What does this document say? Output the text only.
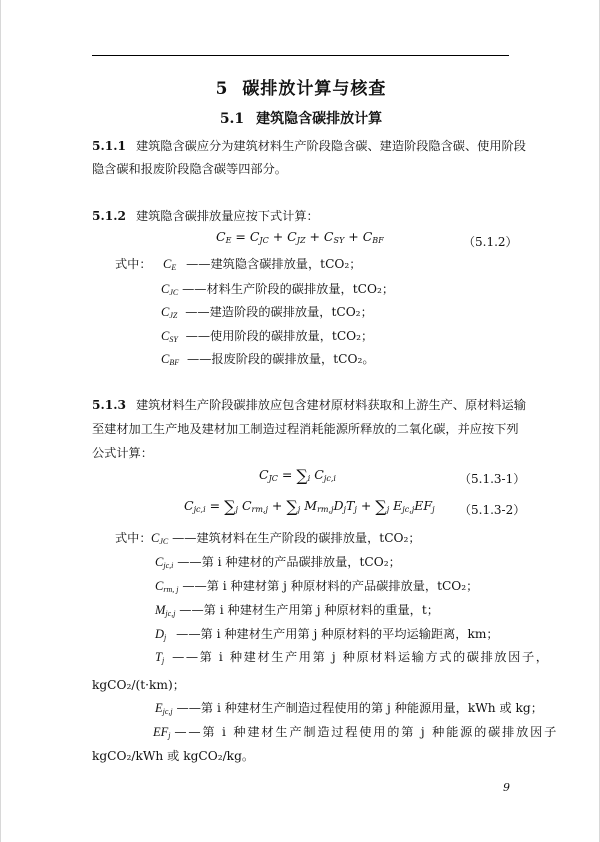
5 碳排放计算与核查
5.1 建筑隐含碳排放计算
5.1.1 建筑隐含碳应分为建筑材料生产阶段隐含碳、建造阶段隐含碳、使用阶段
隐含碳和报废阶段隐含碳等四部分。
5.1.2 建筑隐含碳排放量应按下式计算：
$C_E = C_{JC} + C_{JZ} + C_{SY} + C_{BF}$	（5.1.2）
式中： $C_E$ ——建筑隐含碳排放量，tCO₂；
$C_{JC}$ ——材料生产阶段的碳排放量，tCO₂；
$C_{JZ}$ ——建造阶段的碳排放量，tCO₂；
$C_{SY}$ ——使用阶段的碳排放量，tCO₂；
$C_{BF}$ ——报废阶段的碳排放量，tCO₂。
5.1.3 建筑材料生产阶段碳排放应包含建材原材料获取和上游生产、原材料运输
至建材加工生产地及建材加工制造过程消耗能源所释放的二氧化碳，并应按下列
公式计算：
$C_{JC} = \sum_i$ $C_{jc,i}$	（5.1.3-1）
$C_{jc,i} = \sum_j$ $C_{rm,j} + \sum_j$ $M_{rm,j}D_jT_j + \sum_j$ $E_{jc,j}EF_j$ （5.1.3-2）
式中： $C_{JC}$ ——建筑材料在生产阶段的碳排放量，tCO₂；
$C_{jc,i}$ ——第 i 种建材的产品碳排放量，tCO₂；
$C_{rm, j}$ ——第 i 种建材第 j 种原材料的产品碳排放量，tCO₂；
$M_{jc,j}$ ——第 i 种建材生产用第 j 种原材料的重量，t；
$D_j$ ——第 i 种建材生产用第 j 种原材料的平均运输距离，km；
$T_j$ ——第 i 种建材生产用第 j 种原材料运输方式的碳排放因子，
kgCO₂/(t·km)；
$E_{jc,j}$ ——第 i 种建材生产制造过程使用的第 j 种能源用量，kWh 或 kg；
$EF_j$ ——第 i 种建材生产制造过程使用的第 j 种能源的碳排放因子
kgCO₂/kWh 或 kgCO₂/kg。
9
